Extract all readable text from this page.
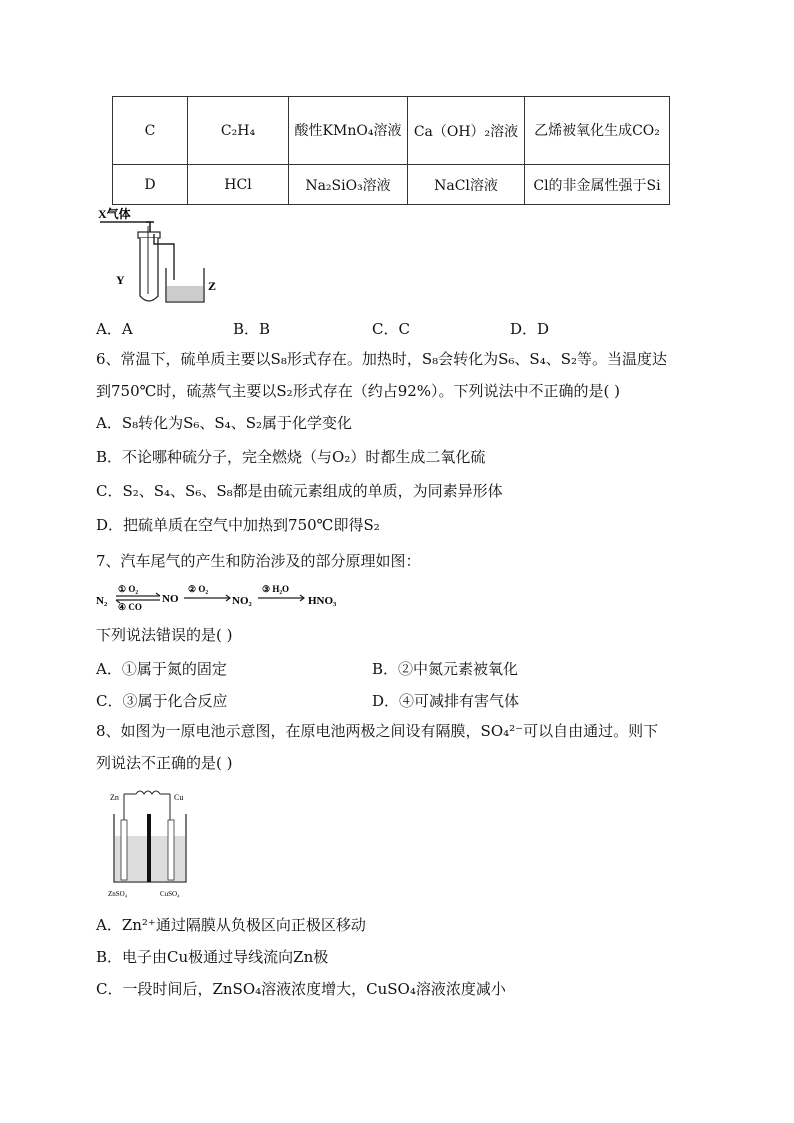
C	C₂H₄	酸性KMnO₄溶液	Ca（OH）₂溶液	乙烯被氧化生成CO₂
D	HCl	Na₂SiO₃溶液	NaCl溶液	Cl的非金属性强于Si
X气体
Y	Z
A．A	B．B	C．C	D．D
6、常温下，硫单质主要以S₈形式存在。加热时，S₈会转化为S₆、S₄、S₂等。当温度达
到750℃时，硫蒸气主要以S₂形式存在（约占92%）。下列说法中不正确的是( )
A．S₈转化为S₆、S₄、S₂属于化学变化
B．不论哪种硫分子，完全燃烧（与O₂）时都生成二氧化硫
C．S₂、S₄、S₆、S₈都是由硫元素组成的单质，为同素异形体
D．把硫单质在空气中加热到750℃即得S₂
7、汽车尾气的产生和防治涉及的部分原理如图：
N₂
① O₂
④ CO
NO
② O₂
NO₂
③ H₂O
HNO₃
下列说法错误的是( )
A．①属于氮的固定	B．②中氮元素被氧化
C．③属于化合反应	D．④可减排有害气体
8、如图为一原电池示意图，在原电池两极之间设有隔膜，SO₄²⁻可以自由通过。则下
列说法不正确的是( )
Zn	Cu
ZnSO₄	CuSO₄
A．Zn²⁺通过隔膜从负极区向正极区移动
B．电子由Cu极通过导线流向Zn极
C．一段时间后，ZnSO₄溶液浓度增大，CuSO₄溶液浓度减小
